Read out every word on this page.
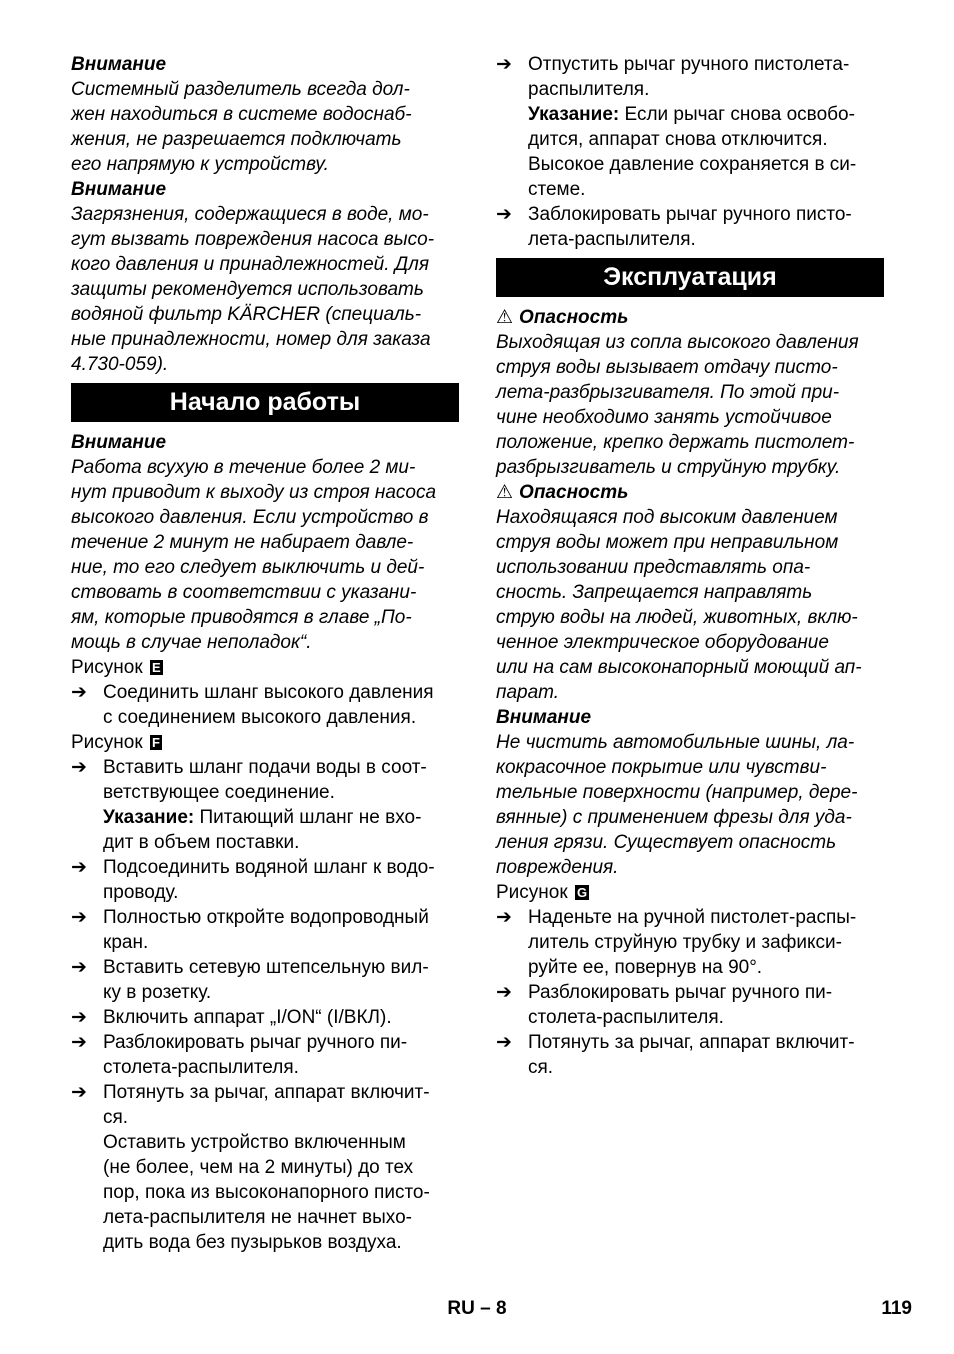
Внимание
Системный разделитель всегда дол-
жен находиться в системе водоснаб-
жения, не разрешается подключать
его напрямую к устройству.
Внимание
Загрязнения, содержащиеся в воде, мо-
гут вызвать повреждения насоса высо-
кого давления и принадлежностей. Для
защиты рекомендуется использовать
водяной фильтр KÄRCHER (специаль-
ные принадлежности, номер для заказа
4.730-059).
Начало работы
Внимание
Работа всухую в течение более 2 ми-
нут приводит к выходу из строя насоса
высокого давления. Если устройство в
течение 2 минут не набирает давле-
ние, то его следует выключить и дей-
ствовать в соответствии с указани-
ям, которые приводятся в главе „По-
мощь в случае неполадок“.
Рисунок E
➔ Соединить шланг высокого давления
с соединением высокого давления.
Рисунок F
➔ Вставить шланг подачи воды в соот-
ветствующее соединение.
Указание: Питающий шланг не вхо-
дит в объем поставки.
➔ Подсоединить водяной шланг к водо-
проводу.
➔ Полностью откройте водопроводный
кран.
➔ Вставить сетевую штепсельную вил-
ку в розетку.
➔ Включить аппарат „I/ON“ (I/ВКЛ).
➔ Разблокировать рычаг ручного пи-
столета-распылителя.
➔ Потянуть за рычаг, аппарат включит-
ся.
Оставить устройство включенным
(не более, чем на 2 минуты) до тех
пор, пока из высоконапорного писто-
лета-распылителя не начнет выхо-
дить вода без пузырьков воздуха.
➔ Отпустить рычаг ручного пистолета-
распылителя.
Указание: Если рычаг снова освобо-
дится, аппарат снова отключится.
Высокое давление сохраняется в си-
стеме.
➔ Заблокировать рычаг ручного писто-
лета-распылителя.
Эксплуатация
⚠ Опасность
Выходящая из сопла высокого давления
струя воды вызывает отдачу писто-
лета-разбрызгивателя. По этой при-
чине необходимо занять устойчивое
положение, крепко держать пистолет-
разбрызгиватель и струйную трубку.
⚠ Опасность
Находящаяся под высоким давлением
струя воды может при неправильном
использовании представлять опа-
сность. Запрещается направлять
струю воды на людей, животных, вклю-
ченное электрическое оборудование
или на сам высоконапорный моющий ап-
парат.
Внимание
Не чистить автомобильные шины, ла-
кокрасочное покрытие или чувстви-
тельные поверхности (например, дере-
вянные) с применением фрезы для уда-
ления грязи. Существует опасность
повреждения.
Рисунок G
➔ Наденьте на ручной пистолет-распы-
литель струйную трубку и зафикси-
руйте ее, повернув на 90°.
➔ Разблокировать рычаг ручного пи-
столета-распылителя.
➔ Потянуть за рычаг, аппарат включит-
ся.
RU – 8	119
